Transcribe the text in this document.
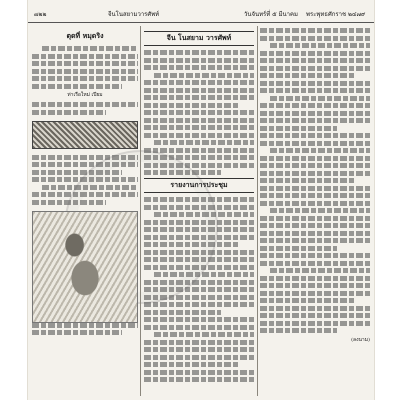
๗๒๒	จีนโนสยามวารศัพท์	วันจันทร์ที่ ๕ มีนาคม พระพุทธศักราช ๒๔๗๙
ตุดที่ หมุดริง
ท่าเรือใหม่ เปียม
จีน โนสยาม วารศัพท์
รายงานการประชุม
(ลงนาม)
